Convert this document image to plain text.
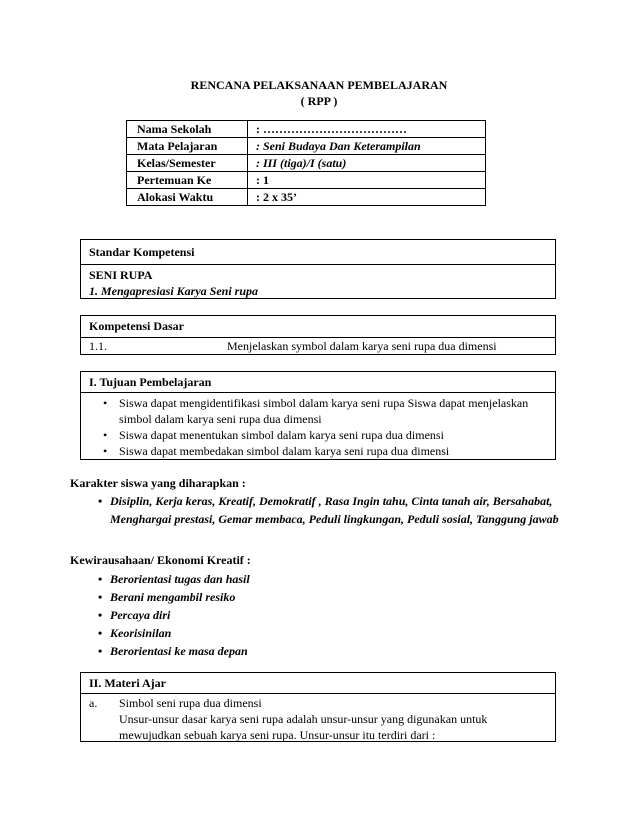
RENCANA PELAKSANAAN PEMBELAJARAN
( RPP )
Nama Sekolah	: ………………………………
Mata Pelajaran	: Seni Budaya Dan Keterampilan
Kelas/Semester	: III (tiga)/I (satu)
Pertemuan Ke	: 1
Alokasi Waktu	: 2 x 35’
Standar Kompetensi
SENI RUPA
1. Mengapresiasi Karya Seni rupa
Kompetensi Dasar
1.1.	Menjelaskan symbol dalam karya seni rupa dua dimensi
I. Tujuan Pembelajaran
• Siswa dapat mengidentifikasi simbol dalam karya seni rupa Siswa dapat menjelaskan simbol dalam karya seni rupa dua dimensi
• Siswa dapat menentukan simbol dalam karya seni rupa dua dimensi
• Siswa dapat membedakan simbol dalam karya seni rupa dua dimensi
Karakter siswa yang diharapkan :
• Disiplin, Kerja keras, Kreatif, Demokratif , Rasa Ingin tahu, Cinta tanah air, Bersahabat, Menghargai prestasi, Gemar membaca, Peduli lingkungan, Peduli sosial, Tanggung jawab
Kewirausahaan/ Ekonomi Kreatif :
• Berorientasi tugas dan hasil
• Berani mengambil resiko
• Percaya diri
• Keorisinilan
• Berorientasi ke masa depan
II. Materi Ajar
a. Simbol seni rupa dua dimensi
Unsur-unsur dasar karya seni rupa adalah unsur-unsur yang digunakan untuk mewujudkan sebuah karya seni rupa. Unsur-unsur itu terdiri dari :
